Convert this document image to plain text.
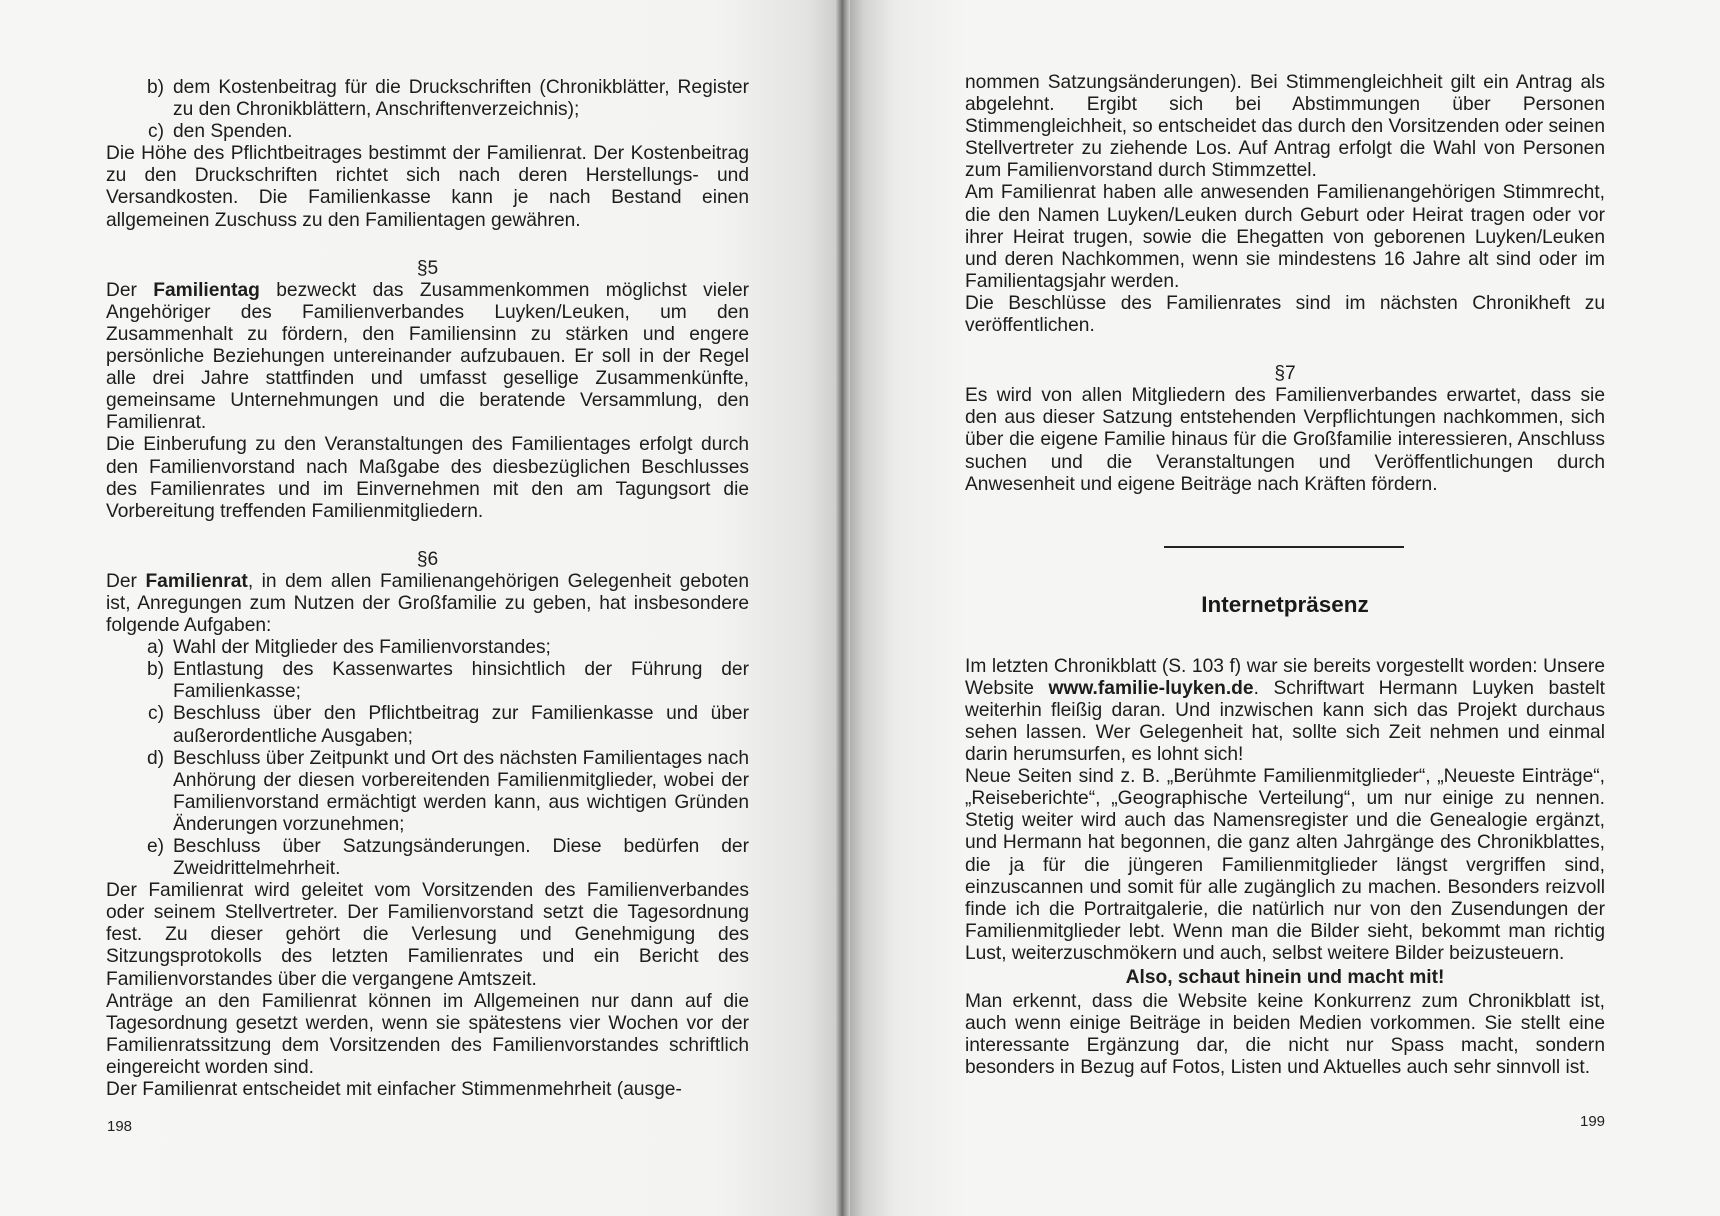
b) dem Kostenbeitrag für die Druckschriften (Chronikblätter, Register zu den Chronikblättern, Anschriftenverzeichnis);
c) den Spenden.

Die Höhe des Pflichtbeitrages bestimmt der Familienrat. Der Kostenbeitrag zu den Druckschriften richtet sich nach deren Herstellungs- und Versandkosten. Die Familienkasse kann je nach Bestand einen allgemeinen Zuschuss zu den Familientagen gewähren.

§5

Der Familientag bezweckt das Zusammenkommen möglichst vieler Angehöriger des Familienverbandes Luyken/Leuken, um den Zusammenhalt zu fördern, den Familiensinn zu stärken und engere persönliche Beziehungen untereinander aufzubauen. Er soll in der Regel alle drei Jahre stattfinden und umfasst gesellige Zusammenkünfte, gemeinsame Unternehmungen und die beratende Versammlung, den Familienrat.

Die Einberufung zu den Veranstaltungen des Familientages erfolgt durch den Familienvorstand nach Maßgabe des diesbezüglichen Beschlusses des Familienrates und im Einvernehmen mit den am Tagungsort die Vorbereitung treffenden Familienmitgliedern.

§6

Der Familienrat, in dem allen Familienangehörigen Gelegenheit geboten ist, Anregungen zum Nutzen der Großfamilie zu geben, hat insbesondere folgende Aufgaben:

a) Wahl der Mitglieder des Familienvorstandes;
b) Entlastung des Kassenwartes hinsichtlich der Führung der Familienkasse;
c) Beschluss über den Pflichtbeitrag zur Familienkasse und über außerordentliche Ausgaben;
d) Beschluss über Zeitpunkt und Ort des nächsten Familientages nach Anhörung der diesen vorbereitenden Familienmitglieder, wobei der Familienvorstand ermächtigt werden kann, aus wichtigen Gründen Änderungen vorzunehmen;
e) Beschluss über Satzungsänderungen. Diese bedürfen der Zweidrittelmehrheit.

Der Familienrat wird geleitet vom Vorsitzenden des Familienverbandes oder seinem Stellvertreter. Der Familienvorstand setzt die Tagesordnung fest. Zu dieser gehört die Verlesung und Genehmigung des Sitzungsprotokolls des letzten Familienrates und ein Bericht des Familienvorstandes über die vergangene Amtszeit.

Anträge an den Familienrat können im Allgemeinen nur dann auf die Tagesordnung gesetzt werden, wenn sie spätestens vier Wochen vor der Familienratssitzung dem Vorsitzenden des Familienvorstandes schriftlich eingereicht worden sind.

Der Familienrat entscheidet mit einfacher Stimmenmehrheit (ausge-

198

nommen Satzungsänderungen). Bei Stimmengleichheit gilt ein Antrag als abgelehnt. Ergibt sich bei Abstimmungen über Personen Stimmengleichheit, so entscheidet das durch den Vorsitzenden oder seinen Stellvertreter zu ziehende Los. Auf Antrag erfolgt die Wahl von Personen zum Familienvorstand durch Stimmzettel.

Am Familienrat haben alle anwesenden Familienangehörigen Stimmrecht, die den Namen Luyken/Leuken durch Geburt oder Heirat tragen oder vor ihrer Heirat trugen, sowie die Ehegatten von geborenen Luyken/Leuken und deren Nachkommen, wenn sie mindestens 16 Jahre alt sind oder im Familientagsjahr werden.

Die Beschlüsse des Familienrates sind im nächsten Chronikheft zu veröffentlichen.

§7

Es wird von allen Mitgliedern des Familienverbandes erwartet, dass sie den aus dieser Satzung entstehenden Verpflichtungen nachkommen, sich über die eigene Familie hinaus für die Großfamilie interessieren, Anschluss suchen und die Veranstaltungen und Veröffentlichungen durch Anwesenheit und eigene Beiträge nach Kräften fördern.

Im letzten Chronikblatt (S. 103 f) war sie bereits vorgestellt worden: Unsere Website www.familie-luyken.de. Schriftwart Hermann Luyken bastelt weiterhin fleißig daran. Und inzwischen kann sich das Projekt durchaus sehen lassen. Wer Gelegenheit hat, sollte sich Zeit nehmen und einmal darin herumsurfen, es lohnt sich!

Neue Seiten sind z. B. „Berühmte Familienmitglieder“, „Neueste Einträge“, „Reiseberichte“, „Geographische Verteilung“, um nur einige zu nennen. Stetig weiter wird auch das Namensregister und die Genealogie ergänzt, und Hermann hat begonnen, die ganz alten Jahrgänge des Chronikblattes, die ja für die jüngeren Familienmitglieder längst vergriffen sind, einzuscannen und somit für alle zugänglich zu machen. Besonders reizvoll finde ich die Portraitgalerie, die natürlich nur von den Zusendungen der Familienmitglieder lebt. Wenn man die Bilder sieht, bekommt man richtig Lust, weiterzuschmökern und auch, selbst weitere Bilder beizusteuern.

Also, schaut hinein und macht mit!

Man erkennt, dass die Website keine Konkurrenz zum Chronikblatt ist, auch wenn einige Beiträge in beiden Medien vorkommen. Sie stellt eine interessante Ergänzung dar, die nicht nur Spass macht, sondern besonders in Bezug auf Fotos, Listen und Aktuelles auch sehr sinnvoll ist.

Internetpräsenz
199
